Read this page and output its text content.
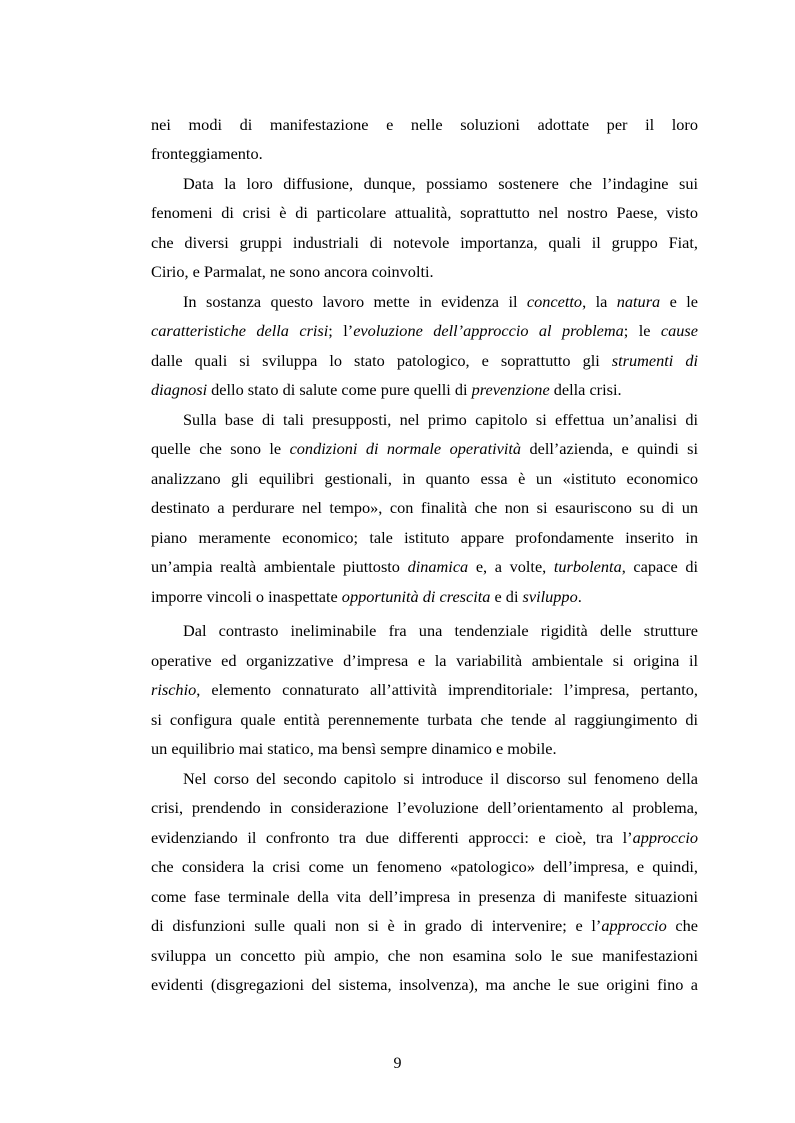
nei modi di manifestazione e nelle soluzioni adottate per il loro
fronteggiamento.
Data la loro diffusione, dunque, possiamo sostenere che l’indagine sui
fenomeni di crisi è di particolare attualità, soprattutto nel nostro Paese, visto
che diversi gruppi industriali di notevole importanza, quali il gruppo Fiat,
Cirio, e Parmalat, ne sono ancora coinvolti.
In sostanza questo lavoro mette in evidenza il concetto, la natura e le
caratteristiche della crisi; l’evoluzione dell’approccio al problema; le cause
dalle quali si sviluppa lo stato patologico, e soprattutto gli strumenti di
diagnosi dello stato di salute come pure quelli di prevenzione della crisi.
Sulla base di tali presupposti, nel primo capitolo si effettua un’analisi di
quelle che sono le condizioni di normale operatività dell’azienda, e quindi si
analizzano gli equilibri gestionali, in quanto essa è un «istituto economico
destinato a perdurare nel tempo», con finalità che non si esauriscono su di un
piano meramente economico; tale istituto appare profondamente inserito in
un’ampia realtà ambientale piuttosto dinamica e, a volte, turbolenta, capace di
imporre vincoli o inaspettate opportunità di crescita e di sviluppo.
Dal contrasto ineliminabile fra una tendenziale rigidità delle strutture
operative ed organizzative d’impresa e la variabilità ambientale si origina il
rischio, elemento connaturato all’attività imprenditoriale: l’impresa, pertanto,
si configura quale entità perennemente turbata che tende al raggiungimento di
un equilibrio mai statico, ma bensì sempre dinamico e mobile.
Nel corso del secondo capitolo si introduce il discorso sul fenomeno della
crisi, prendendo in considerazione l’evoluzione dell’orientamento al problema,
evidenziando il confronto tra due differenti approcci: e cioè, tra l’approccio
che considera la crisi come un fenomeno «patologico» dell’impresa, e quindi,
come fase terminale della vita dell’impresa in presenza di manifeste situazioni
di disfunzioni sulle quali non si è in grado di intervenire; e l’approccio che
sviluppa un concetto più ampio, che non esamina solo le sue manifestazioni
evidenti (disgregazioni del sistema, insolvenza), ma anche le sue origini fino a
9
